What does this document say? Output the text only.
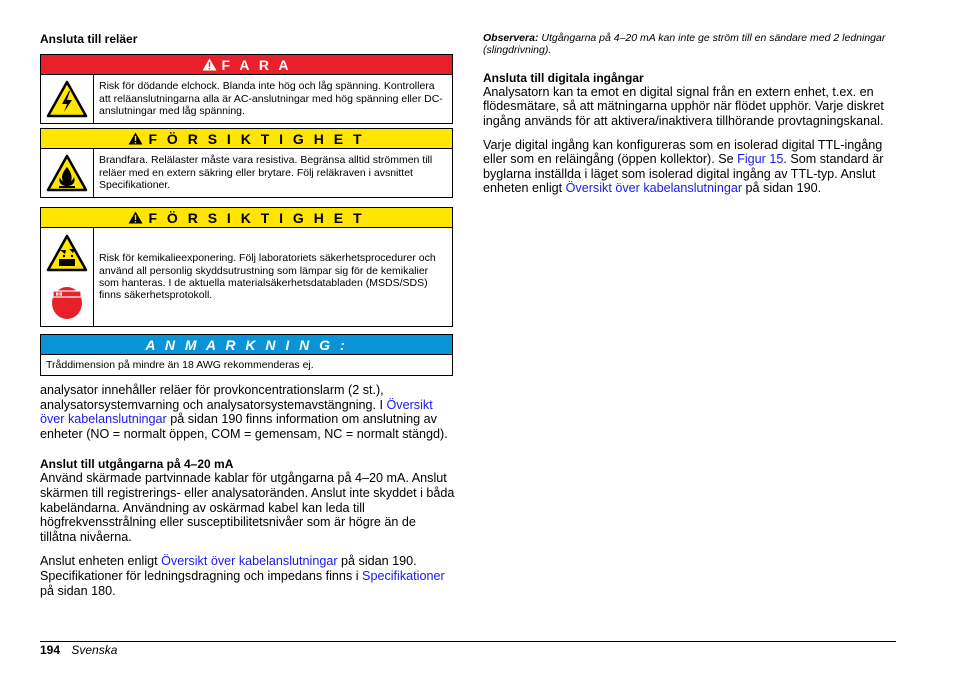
Ansluta till reläer
F A R A
Risk för dödande elchock. Blanda inte hög och låg spänning. Kontrollera att reläanslutningarna alla är AC-anslutningar med hög spänning eller DC-anslutningar med låg spänning.
F Ö R S I K T I G H E T
Brandfara. Relälaster måste vara resistiva. Begränsa alltid strömmen till reläer med en extern säkring eller brytare. Följ reläkraven i avsnittet Specifikationer.
F Ö R S I K T I G H E T
Risk för kemikalieexponering. Följ laboratoriets säkerhetsprocedurer och använd all personlig skyddsutrustning som lämpar sig för de kemikalier som hanteras. I de aktuella materialsäkerhetsdatabladen (MSDS/SDS) finns säkerhetsprotokoll.
A N M A R K N I N G :
Tråddimension på mindre än 18 AWG rekommenderas ej.

analysator innehåller reläer för provkoncentrationslarm (2 st.), analysatorsystemvarning och analysatorsystemavstängning. I Översikt över kabelanslutningar på sidan 190 finns information om anslutning av enheter (NO = normalt öppen, COM = gemensam, NC = normalt stängd).

Anslut till utgångarna på 4–20 mA

Använd skärmade partvinnade kablar för utgångarna på 4–20 mA. Anslut skärmen till registrerings- eller analysatoränden. Anslut inte skyddet i båda kabeländarna. Användning av oskärmad kabel kan leda till högfrekvensstrålning eller susceptibilitetsnivåer som är högre än de tillåtna nivåerna.

Anslut enheten enligt Översikt över kabelanslutningar på sidan 190. Specifikationer för ledningsdragning och impedans finns i Specifikationer på sidan 180.

Observera: Utgångarna på 4–20 mA kan inte ge ström till en sändare med 2 ledningar (slingdrivning).
Ansluta till digitala ingångar

Analysatorn kan ta emot en digital signal från en extern enhet, t.ex. en flödesmätare, så att mätningarna upphör när flödet upphör. Varje diskret ingång används för att aktivera/inaktivera tillhörande provtagningskanal.

Varje digital ingång kan konfigureras som en isolerad digital TTL-ingång eller som en reläingång (öppen kollektor). Se Figur 15. Som standard är byglarna inställda i läget som isolerad digital ingång av TTL-typ. Anslut enheten enligt Översikt över kabelanslutningar på sidan 190.

194 Svenska
